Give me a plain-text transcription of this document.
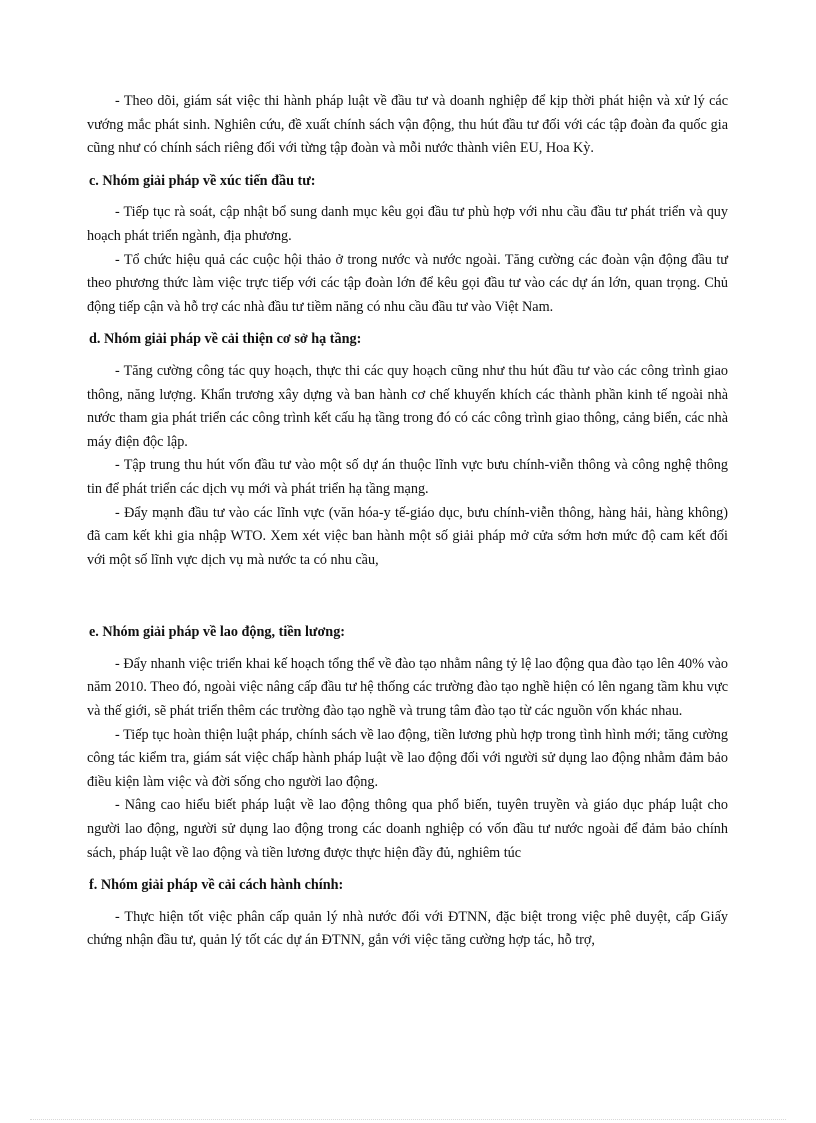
- Theo dõi, giám sát việc thi hành pháp luật về đầu tư và doanh nghiệp để kịp thời phát hiện và xử lý các vướng mắc phát sinh. Nghiên cứu, đề xuất chính sách vận động, thu hút đầu tư đối với các tập đoàn đa quốc gia cũng như có chính sách riêng đối với từng tập đoàn và mỗi nước thành viên EU, Hoa Kỳ.

c. Nhóm giải pháp về xúc tiến đầu tư:

- Tiếp tục rà soát, cập nhật bổ sung danh mục kêu gọi đầu tư phù hợp với nhu cầu đầu tư phát triển và quy hoạch phát triển ngành, địa phương.

- Tổ chức hiệu quả các cuộc hội thảo ở trong nước và nước ngoài. Tăng cường các đoàn vận động đầu tư theo phương thức làm việc trực tiếp với các tập đoàn lớn để kêu gọi đầu tư vào các dự án lớn, quan trọng. Chủ động tiếp cận và hỗ trợ các nhà đầu tư tiềm năng có nhu cầu đầu tư vào Việt Nam.

d. Nhóm giải pháp về cải thiện cơ sở hạ tầng:

- Tăng cường công tác quy hoạch, thực thi các quy hoạch cũng như thu hút đầu tư vào các công trình giao thông, năng lượng. Khẩn trương xây dựng và ban hành cơ chế khuyến khích các thành phần kinh tế ngoài nhà nước tham gia phát triển các công trình kết cấu hạ tầng trong đó có các công trình giao thông, cảng biển, các nhà máy điện độc lập.

- Tập trung thu hút vốn đầu tư vào một số dự án thuộc lĩnh vực bưu chính-viễn thông và công nghệ thông tin để phát triển các dịch vụ mới và phát triển hạ tầng mạng.

- Đẩy mạnh đầu tư vào các lĩnh vực (văn hóa-y tế-giáo dục, bưu chính-viễn thông, hàng hải, hàng không) đã cam kết khi gia nhập WTO. Xem xét việc ban hành một số giải pháp mở cửa sớm hơn mức độ cam kết đối với một số lĩnh vực dịch vụ mà nước ta có nhu cầu,

e. Nhóm giải pháp về lao động, tiền lương:

- Đẩy nhanh việc triển khai kế hoạch tổng thể về đào tạo nhằm nâng tỷ lệ lao động qua đào tạo lên 40% vào năm 2010. Theo đó, ngoài việc nâng cấp đầu tư hệ thống các trường đào tạo nghề hiện có lên ngang tầm khu vực và thế giới, sẽ phát triển thêm các trường đào tạo nghề và trung tâm đào tạo từ các nguồn vốn khác nhau.

- Tiếp tục hoàn thiện luật pháp, chính sách về lao động, tiền lương phù hợp trong tình hình mới; tăng cường công tác kiểm tra, giám sát việc chấp hành pháp luật về lao động đối với người sử dụng lao động nhằm đảm bảo điều kiện làm việc và đời sống cho người lao động.

- Nâng cao hiểu biết pháp luật về lao động thông qua phổ biến, tuyên truyền và giáo dục pháp luật cho người lao động, người sử dụng lao động trong các doanh nghiệp có vốn đầu tư nước ngoài để đảm bảo chính sách, pháp luật về lao động và tiền lương được thực hiện đầy đủ, nghiêm túc

f. Nhóm giải pháp về cải cách hành chính:

- Thực hiện tốt việc phân cấp quản lý nhà nước đối với ĐTNN, đặc biệt trong việc phê duyệt, cấp Giấy chứng nhận đầu tư, quản lý tốt các dự án ĐTNN, gắn với việc tăng cường hợp tác, hỗ trợ,
